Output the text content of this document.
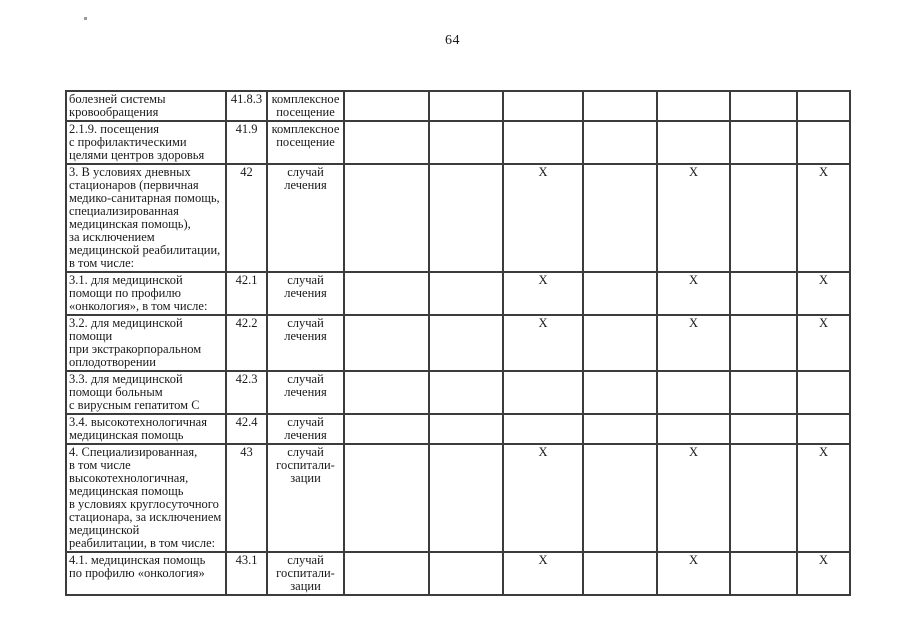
64
болезней системы
кровообращения
	41.8.3	комплексное
посещение

2.1.9. посещения
с профилактическими
целями центров здоровья
	41.9	комплексное
посещение

3. В условиях дневных
стационаров (первичная
медико-санитарная помощь,
специализированная
медицинская помощь),
за исключением
медицинской реабилитации,
в том числе:
	42	случай
лечения
			X		X		X

3.1. для медицинской
помощи по профилю
«онкология», в том числе:
	42.1	случай
лечения
			X		X		X

3.2. для медицинской
помощи
при экстракорпоральном
оплодотворении
	42.2	случай
лечения
			X		X		X

3.3. для медицинской
помощи больным
с вирусным гепатитом С
	42.3	случай
лечения

3.4. высокотехнологичная
медицинская помощь
	42.4	случай
лечения

4. Специализированная,
в том числе
высокотехнологичная,
медицинская помощь
в условиях круглосуточного
стационара, за исключением
медицинской
реабилитации, в том числе:
	43	случай
госпитали-
зации
			X		X		X

4.1. медицинская помощь
по профилю «онкология»
	43.1	случай
госпитали-
зации
			X		X		X
